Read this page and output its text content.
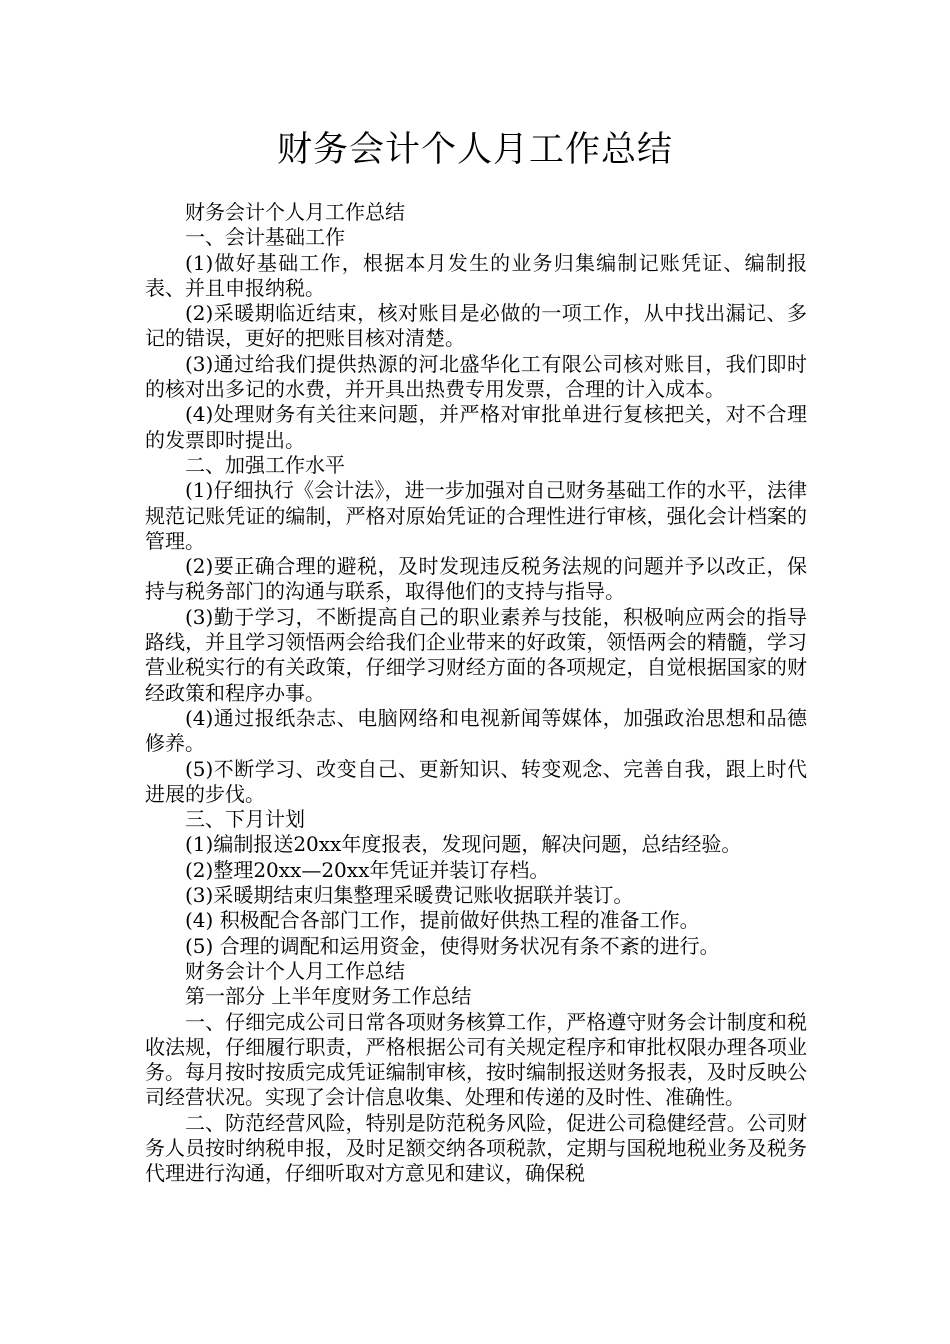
财务会计个人月工作总结

财务会计个人月工作总结

一、会计基础工作

(1)做好基础工作，根据本月发生的业务归集编制记账凭证、编制报表、并且申报纳税。

(2)采暖期临近结束，核对账目是必做的一项工作，从中找出漏记、多记的错误，更好的把账目核对清楚。

(3)通过给我们提供热源的河北盛华化工有限公司核对账目，我们即时的核对出多记的水费，并开具出热费专用发票，合理的计入成本。

(4)处理财务有关往来问题，并严格对审批单进行复核把关，对不合理的发票即时提出。

二、加强工作水平

(1)仔细执行《会计法》，进一步加强对自己财务基础工作的水平，法律规范记账凭证的编制，严格对原始凭证的合理性进行审核，强化会计档案的管理。

(2)要正确合理的避税，及时发现违反税务法规的问题并予以改正，保持与税务部门的沟通与联系，取得他们的支持与指导。

(3)勤于学习，不断提高自己的职业素养与技能，积极响应两会的指导路线，并且学习领悟两会给我们企业带来的好政策，领悟两会的精髓，学习营业税实行的有关政策，仔细学习财经方面的各项规定，自觉根据国家的财经政策和程序办事。

(4)通过报纸杂志、电脑网络和电视新闻等媒体，加强政治思想和品德修养。

(5)不断学习、改变自己、更新知识、转变观念、完善自我，跟上时代进展的步伐。

三、下月计划

(1)编制报送20xx年度报表，发现问题，解决问题，总结经验。

(2)整理20xx—20xx年凭证并装订存档。

(3)采暖期结束归集整理采暖费记账收据联并装订。

(4) 积极配合各部门工作，提前做好供热工程的准备工作。

(5) 合理的调配和运用资金，使得财务状况有条不紊的进行。

财务会计个人月工作总结

第一部分 上半年度财务工作总结

一、仔细完成公司日常各项财务核算工作，严格遵守财务会计制度和税收法规，仔细履行职责，严格根据公司有关规定程序和审批权限办理各项业务。每月按时按质完成凭证编制审核，按时编制报送财务报表，及时反映公司经营状况。实现了会计信息收集、处理和传递的及时性、准确性。

二、防范经营风险，特别是防范税务风险，促进公司稳健经营。公司财务人员按时纳税申报，及时足额交纳各项税款，定期与国税地税业务及税务代理进行沟通，仔细听取对方意见和建议，确保税
